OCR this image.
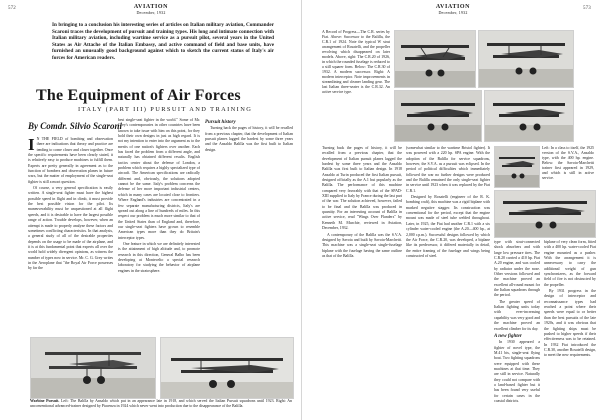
572	AVIATION
December, 1932
In bringing to a conclusion his interesting series of articles on Italian military aviation, Commander Scaroni traces the development of pursuit and training types. His long and intimate connection with Italian military aviation, including wartime service as a pursuit pilot, several years in the United States as Air Attache of the Italian Embassy, and active command of field and base units, have furnished an unusually good background against which to sketch the current status of Italy's air forces for American readers.
The Equipment of Air Forces
ITALY (PART III) PURSUIT AND TRAINING
By Comdr. Silvio Scaroni

I N THE FIELD of bombing and observation there are indications that theory and practice are tending to come closer and closer together. Once the specific requirements have been clearly stated, it is relatively easy to produce machines to fulfill them. Experts are pretty generally in agreement as to the function of bombers and observation planes in future wars, but the matter of employment of the single-seat fighter is still a moot question.

Of course, a very general specification is easily written. A single-seat fighter must have the highest possible speed in flight and in climb, it must provide the best possible vision for the pilot. Its maneuverability must be unquestioned at all flight speeds, and it is desirable to have the largest possible range of action. Trouble develops, however, when an attempt is made to properly analyze these factors and sometimes conflicting characteristics. In that analysis, a general study of all of the desirable properties depends on the usage to be made of the airplane, and it is at this fundamental point that experts all over the world hold widely divergent opinions, as witness the number of types now in service. Mr. C. G. Grey writes in the Aeroplane that "the Royal Air Force possesses by far the

best single-seat fighter in the world." Some of Mr. Grey's contemporaries in other countries have been known to take issue with him on this point, for they hold their own designs in just as high regard. It is not my intention to enter into the argument as to the merits of one nation's fighters over another. Each has faced the problem from a different angle, and naturally has obtained different results. English tactics center about the defense of London, a problem which requires a highly specialized type of aircraft. The American specifications are radically different and, obviously, the solutions adopted cannot be the same. Italy's problem concerns the defense of her more important industrial centers, which in many cases are located close to frontiers. Where England's industries are concentrated in a few separate manufacturing districts, Italy's are spread out along a line of hundreds of miles. In this respect our problem is much more similar to that of the United States than of England and, therefore, our single-seat fighters have grown to resemble American types more than they do Britain's interceptor types.

One feature in which we are definitely interested is the attainment of high altitude and, to promote research in this direction, General Balbo has been developing at Montecelio a special research laboratory for studying the behavior of airplane engines in the stratosphere.

Pursuit history

Turning back the pages of history, it will be recalled from a previous chapter, that the development of Italian pursuit planes lagged the hardest by some three years and the Ansaldo Balilla was the first built to Italian design.

Warbine Pursuit. Left: The Balilla by Ansaldo which put in an appearance late in 1918, and which served the Italian Pursuit squadrons until 1923. Right: An unconventional advanced-trainer designed by Piacenza in 1924 which never went into production due to the disappearance of the Balilla.
573
AVIATION
December, 1932
A Record of Progress—The C.R. series by Fiat. Above: Successor to the Balilla, the C.R.1 of 1924. Note the typical W strut arrangement of Rosatelli, and the propeller revolving which disappeared on later models. Above, right: The C.R.20 of 1926, in which the rounded fuselage is reduced to a still squarer form. Below: The C.R.30 of 1932. A modern successor. Right: A modern interceptor. Note improvements in streamlining and cleaner landing gear. The last Italian three-seater is the C.R.32. An active service type.
Left: In a class to itself, the 1925 version of the S.V.A., Ansaldo type, with the 400 hp. engine. Below: the Savoia-Marchetti trainer first appeared in 1929, and which is still in active service.

Turning back the pages of history, it will be recalled from a previous chapter, that the development of Italian pursuit planes lagged the hardest by some three years and the Ansaldo Balilla was first built to Italian design. In 1918 Ansaldo at Turin produced the first Italian pursuit, designed officially as the A.1 but popularly as the Balilla. The performance of this machine compared very favorably with that of the SPAD-XIII supplied to Italy by France during the last part of the war. The solution achieved, however, failed to be final and the Balilla was produced in quantity. For an interesting account of Balilla in active service, read "Wings Over Flanders" by Kenneth M. Murchie, reviewed in Aviation, December, 1932.

A contemporary of the Balilla was the S.V.A. designed by Savoia and built by Savoia-Marchetti. This machine was a single-seat single-fuselage biplane with the fuselage having the same outline as that of the Balilla.

(somewhat similar to the wartime Bristol fighter). It was powered with a 220 hp. SPA engine. With the adoption of the Balilla for service squadrons, however, the S.V.A. as a pursuit was eclipsed. In the period of political difficulties which immediately followed the war no further designs were produced and the Balilla remained the only single-seat fighter in service until 1923 when it was replaced by the Fiat C.R.1.

Designed by Rosatelli (engineer of the R. K. bombing craft), this machine was a rigid biplane with marked negative stagger. Its construction was conventional for the period, except that the engine mount was made of steel tube welded throughout. Later, in 1925, the Fiat had another C.R.1 with a six cylinder water-cooled engine (the A.20—400 hp., at 2,000 r.p.m.). Successful designs followed by which the Air Force, the C.R.20, was developed, a biplane like its predecessor, it differed materially in detail, the entire framing of the fuselage and wings being constructed of steel.

type with strut-connected shock absorbers and with large low pressure tires. The C.R.20 carried a 410 hp. Fiat A.20 engine, and was cooled by radiator under the nose. Other versions followed and the machine proved an excellent all-round mount for the Italian squadrons through the period.

The greater speed of Italian fighting units today with ever-increasing capability was very good and the machine proved an excellent climber for its day.

A new fighter

In 1930 appeared a fighter of novel type, the M.41 bis, single-seat flying boat. Two fighting squadrons were equipped with these machines at that time. They are still in service. Naturally they could not compare with a land-based fighter but it has been found very useful for certain cases in the coastal districts.

biplane of very clean form, fitted with a 400 hp. water-cooled Fiat engine mounted as a pusher. With the arrangement it is unnecessary to carry the additional weight of gun synchronizers, as the forward field of fire is not obstructed by the propeller.

By 1931 progress in the design of interceptor and reconnaissance types had reached a point where their speeds were equal to or better than the best pursuits of the late 1920s, and it was obvious that the fighting ships must be pushed to higher speeds if their effectiveness was to be retained. In 1932 Fiat introduced the C.R.30, another Rosatelli design, to meet the new requirements.
